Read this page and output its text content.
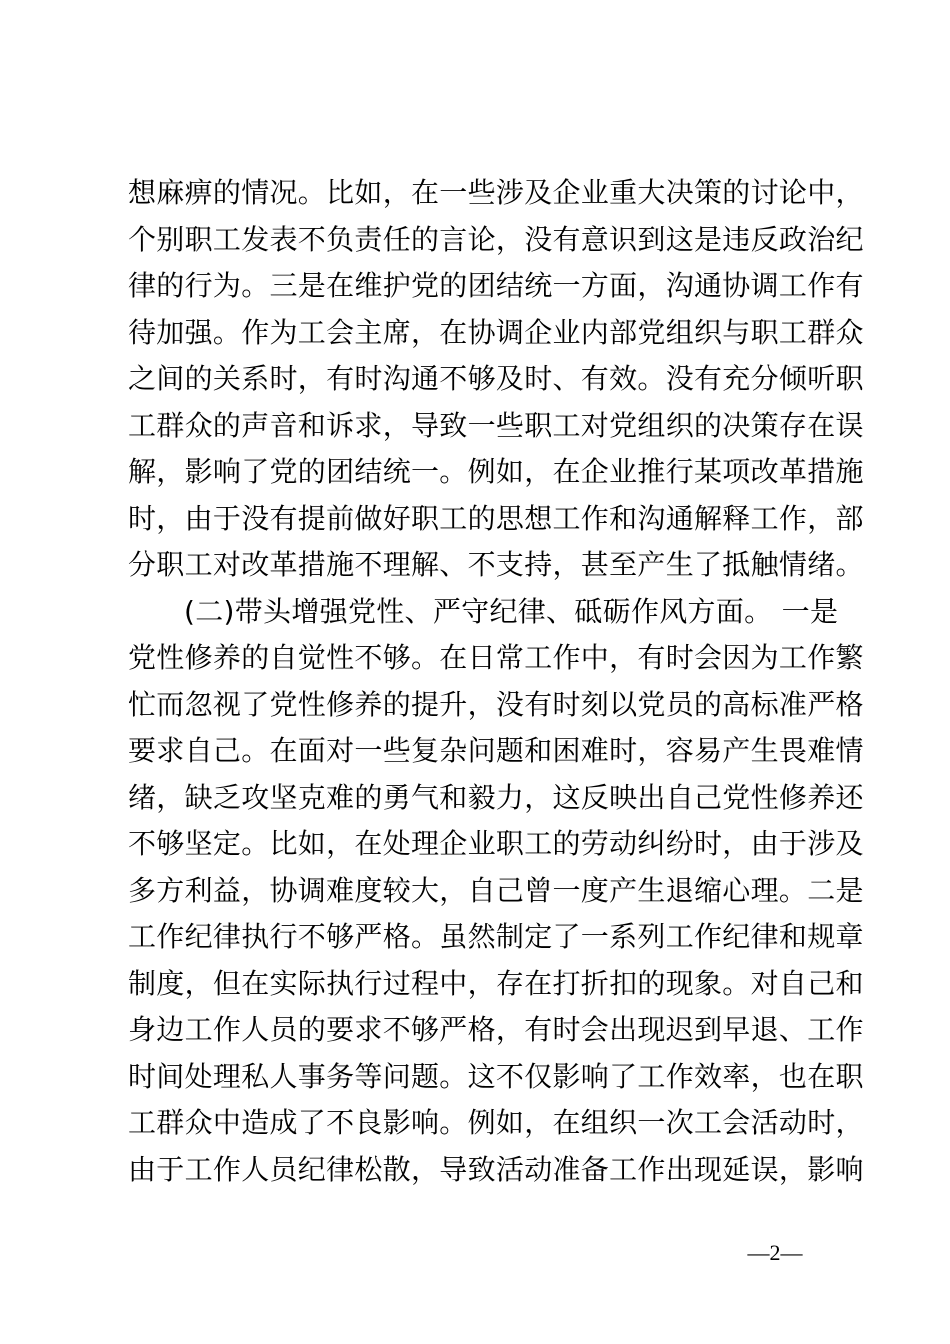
想麻痹的情况。比如，在一些涉及企业重大决策的讨论中，
个别职工发表不负责任的言论，没有意识到这是违反政治纪
律的行为。三是在维护党的团结统一方面，沟通协调工作有
待加强。作为工会主席，在协调企业内部党组织与职工群众
之间的关系时，有时沟通不够及时、有效。没有充分倾听职
工群众的声音和诉求，导致一些职工对党组织的决策存在误
解，影响了党的团结统一。例如，在企业推行某项改革措施
时，由于没有提前做好职工的思想工作和沟通解释工作，部
分职工对改革措施不理解、不支持，甚至产生了抵触情绪。
(二)带头增强党性、严守纪律、砥砺作风方面。 一是
党性修养的自觉性不够。在日常工作中，有时会因为工作繁
忙而忽视了党性修养的提升，没有时刻以党员的高标准严格
要求自己。在面对一些复杂问题和困难时，容易产生畏难情
绪，缺乏攻坚克难的勇气和毅力，这反映出自己党性修养还
不够坚定。比如，在处理企业职工的劳动纠纷时，由于涉及
多方利益，协调难度较大，自己曾一度产生退缩心理。二是
工作纪律执行不够严格。虽然制定了一系列工作纪律和规章
制度，但在实际执行过程中，存在打折扣的现象。对自己和
身边工作人员的要求不够严格，有时会出现迟到早退、工作
时间处理私人事务等问题。这不仅影响了工作效率，也在职
工群众中造成了不良影响。例如，在组织一次工会活动时，
由于工作人员纪律松散，导致活动准备工作出现延误，影响
—2—
